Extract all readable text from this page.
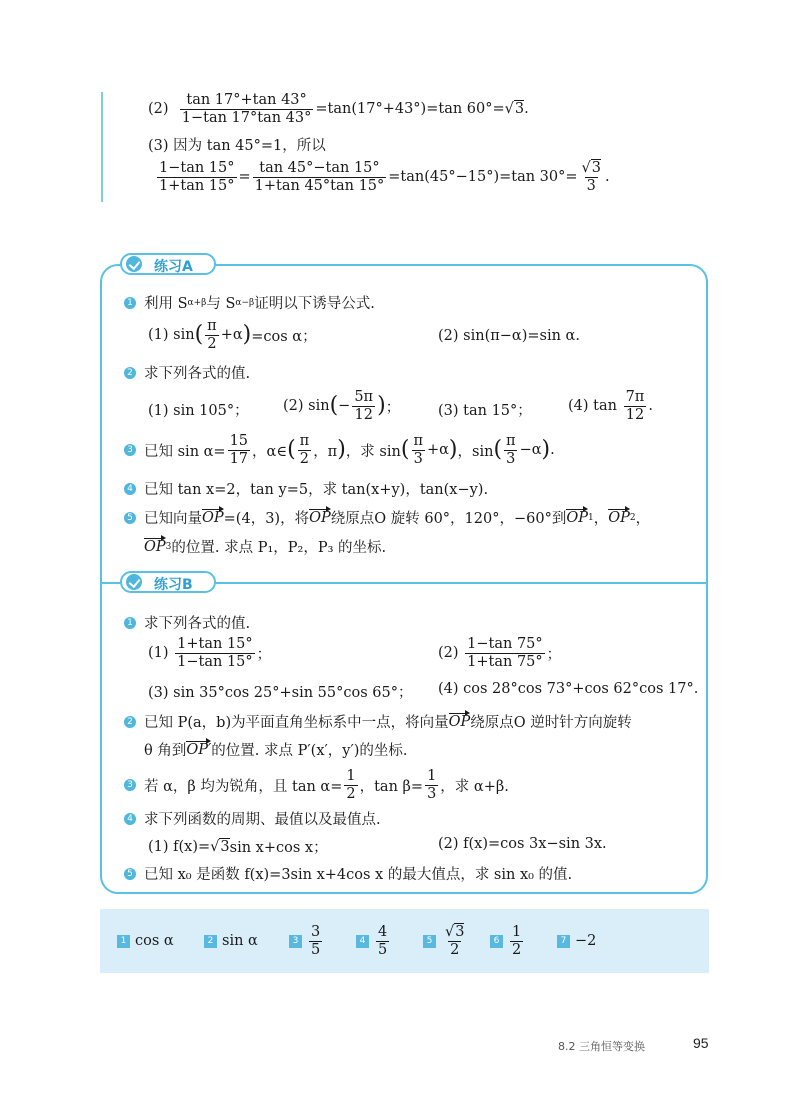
(2)
$\frac{\tan 17^\circ+\tan 43^\circ}{1-\tan 17^\circ\tan 43^\circ} =\tan(17^\circ+43^\circ)=\tan$ 60°= √3 .
(3) 因为 tan 45°=1，所以
$\frac{1-\tan 15^\circ}{1+\tan 15^\circ} = \frac{\tan 45^\circ-\tan 15^\circ}{1+\tan 45^\circ\tan 15^\circ} =\tan(45^\circ-15^\circ)=\tan$ $30^\circ= \frac{√3}{3}$ .
练习A
1 利用 S α+β 与 S α−β 证明以下诱导公式.
(1) sin ( $\frac{\pi}{2} +\alpha$ ) =cos α；	(2) sin(π−α)=sin α.
2 求下列各式的值.
(1) sin 105°； (2) sin ( − $\frac{5\pi}{12}$ ) ；	(3) tan 15°； (4) tan
$\frac{7\pi}{12}$ .
3 已知 $\sin \alpha= \frac{15}{17}$ ，α∈ ( $\frac{\pi}{2}$ ，π ) ，求 sin ( $\frac{\pi}{3} +\alpha$ ) ，sin ( $\frac{\pi}{3} -\alpha$ ) .
4 已知 tan x=2，tan y=5，求 tan(x+y)，tan(x−y).
5 已知向量 OP =(4，3)，将 OP 绕原点O 旋转 60°，120°，−60°到 OP 1 ， OP 2 ，
OP 3 的位置. 求点 P₁，P₂，P₃ 的坐标.
练习B
1 求下列各式的值.
(1)
$\frac{1+\tan 15^\circ}{1-\tan 15^\circ}$ ；	(2)
$\frac{1-\tan 75^\circ}{1+\tan 75^\circ}$ ；
(3) sin 35°cos 25°+sin 55°cos 65°； (4) cos 28°cos 73°+cos 62°cos 17°.
2 已知 P(a，b)为平面直角坐标系中一点，将向量 OP 绕原点O 逆时针方向旋转
θ 角到 OP′ 的位置. 求点 P′(x′，y′)的坐标.
3 若 α，β 均为锐角，且 $\tan \alpha= \frac{1}{2}$ ，$\tan \beta= \frac{1}{3}$ ，求 α+β.
4 求下列函数的周期、最值以及最值点.
(1) f(x)= √3 sin x+cos x；	(2) f(x)=cos 3x−sin 3x.
5 已知 x₀ 是函数 f(x)=3sin x+4cos x 的最大值点，求 sin x₀ 的值.
1 cos α	2 sin α	$3 \frac{3}{5}$	$4 \frac{4}{5}$	$5 \frac{√3}{2}$	$6 \frac{1}{2}$	7 −2
8.2 三角恒等变换	95
